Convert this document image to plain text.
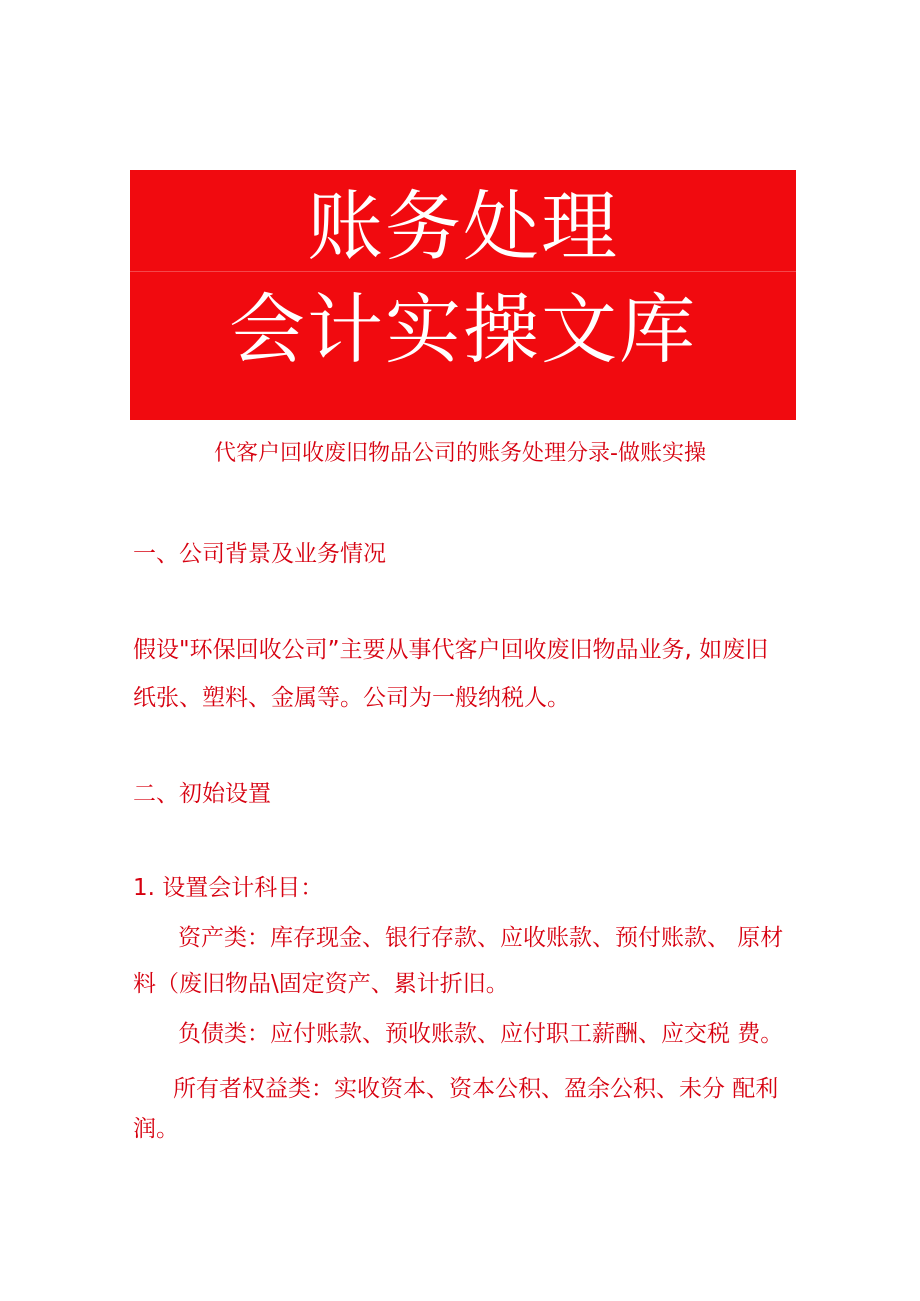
账务处理
会计实操文库
代客户回收废旧物品公司的账务处理分录-做账实操
一、公司背景及业务情况
假设"环保回收公司”主要从事代客户回收废旧物品业务, 如废旧
纸张、塑料、金属等。公司为一般纳税人。
二、初始设置
1. 设置会计科目：
资产类：库存现金、银行存款、应收账款、预付账款、 原材
料（废旧物品\固定资产、累计折旧。
负债类：应付账款、预收账款、应付职工薪酬、应交税 费。
所有者权益类：实收资本、资本公积、盈余公积、未分 配利
润。
